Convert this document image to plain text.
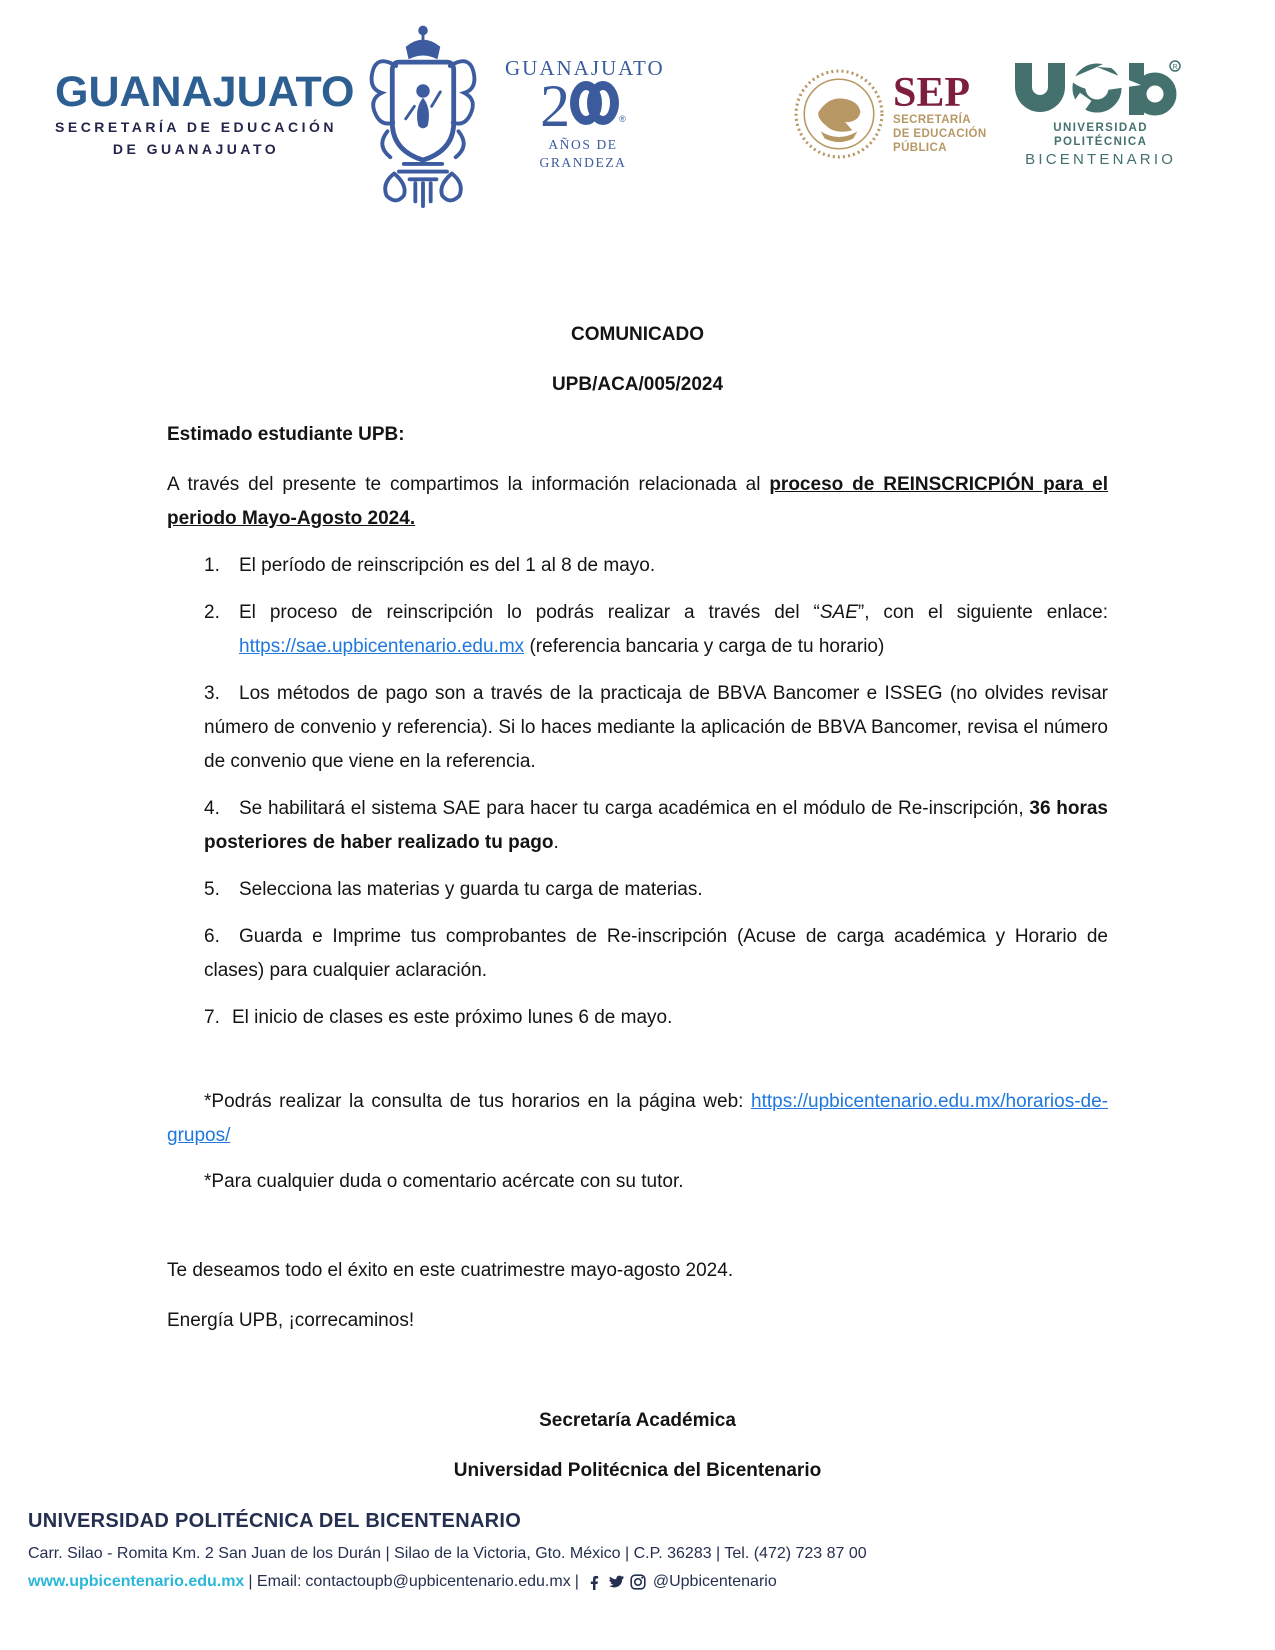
GUANAJUATO
SECRETARÍA DE EDUCACIÓN
DE GUANAJUATO
GUANAJUATO
2	$_®$
AÑOS DE GRANDEZA
SEP
SECRETARÍA
DE EDUCACIÓN
PÚBLICA
R
UNIVERSIDAD POLITÉCNICA
BICENTENARIO

COMUNICADO

UPB/ACA/005/2024

Estimado estudiante UPB:

A través del presente te compartimos la información relacionada al proceso de REINSCRICPIÓN para el periodo Mayo-Agosto 2024.

1. El período de reinscripción es del 1 al 8 de mayo.
2. El proceso de reinscripción lo podrás realizar a través del “SAE”, con el siguiente enlace: https://sae.upbicentenario.edu.mx (referencia bancaria y carga de tu horario)
3. Los métodos de pago son a través de la practicaja de BBVA Bancomer e ISSEG (no olvides revisar número de convenio y referencia). Si lo haces mediante la aplicación de BBVA Bancomer, revisa el número de convenio que viene en la referencia.
4. Se habilitará el sistema SAE para hacer tu carga académica en el módulo de Re-inscripción, 36 horas posteriores de haber realizado tu pago.
5. Selecciona las materias y guarda tu carga de materias.
6. Guarda e Imprime tus comprobantes de Re-inscripción (Acuse de carga académica y Horario de clases) para cualquier aclaración.
7. El inicio de clases es este próximo lunes 6 de mayo.

*Podrás realizar la consulta de tus horarios en la página web: https://upbicentenario.edu.mx/horarios-de-grupos/

*Para cualquier duda o comentario acércate con su tutor.

Te deseamos todo el éxito en este cuatrimestre mayo-agosto 2024.

Energía UPB, ¡correcaminos!

Secretaría Académica

Universidad Politécnica del Bicentenario

UNIVERSIDAD POLITÉCNICA DEL BICENTENARIO
Carr. Silao - Romita Km. 2 San Juan de los Durán | Silao de la Victoria, Gto. México | C.P. 36283 | Tel. (472) 723 87 00
www.upbicentenario.edu.mx | Email: contactoupb@upbicentenario.edu.mx |	@Upbicentenario
